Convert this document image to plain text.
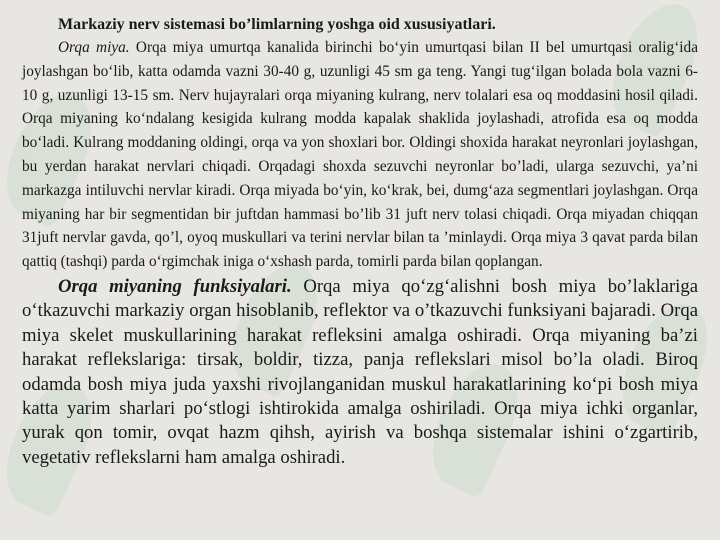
Markaziy nerv sistemasi bo’limlarning yoshga oid xususiyatlari.

Orqa miya. Orqa miya umurtqa kanalida birinchi bo‘yin umurtqasi bilan II bel umurtqasi oralig‘ida joylashgan bo‘lib, katta odamda vazni 30-40 g, uzunligi 45 sm ga teng. Yangi tug‘ilgan bolada bola vazni 6-10 g, uzunligi 13-15 sm. Nerv hujayralari orqa miyaning kulrang, nerv tolalari esa oq moddasini hosil qiladi. Orqa miyaning ko‘ndalang kesigida kulrang modda kapalak shaklida joylashadi, atrofida esa oq modda bo‘ladi. Kulrang moddaning oldingi, orqa va yon shoxlari bor. Oldingi shoxida harakat neyronlari joylashgan, bu yerdan harakat nervlari chiqadi. Orqadagi shoxda sezuvchi neyronlar bo’ladi, ularga sezuvchi, ya’ni markazga intiluvchi nervlar kiradi. Orqa miyada bo‘yin, ko‘krak, bei, dumg‘aza segmentlari joylashgan. Orqa miyaning har bir segmentidan bir juftdan hammasi bo’lib 31 juft nerv tolasi chiqadi. Orqa miyadan chiqqan 31juft nervlar gavda, qo’l, oyoq muskullari va terini nervlar bilan ta ’minlaydi. Orqa miya 3 qavat parda bilan qattiq (tashqi) parda o‘rgimchak iniga o‘xshash parda, tomirli parda bilan qoplangan.

Orqa miyaning funksiyalari. Orqa miya qo‘zg‘alishni bosh miya bo’laklariga o‘tkazuvchi markaziy organ hisoblanib, reflektor va o’tkazuvchi funksiyani bajaradi. Orqa miya skelet muskullarining harakat refleksini amalga oshiradi. Orqa miyaning ba’zi harakat reflekslariga: tirsak, boldir, tizza, panja reflekslari misol bo’la oladi. Biroq odamda bosh miya juda yaxshi rivojlanganidan muskul harakatlarining ko‘pi bosh miya katta yarim sharlari po‘stlogi ishtirokida amalga oshiriladi. Orqa miya ichki organlar, yurak qon tomir, ovqat hazm qihsh, ayirish va boshqa sistemalar ishini o‘zgartirib, vegetativ reflekslarni ham amalga oshiradi.
